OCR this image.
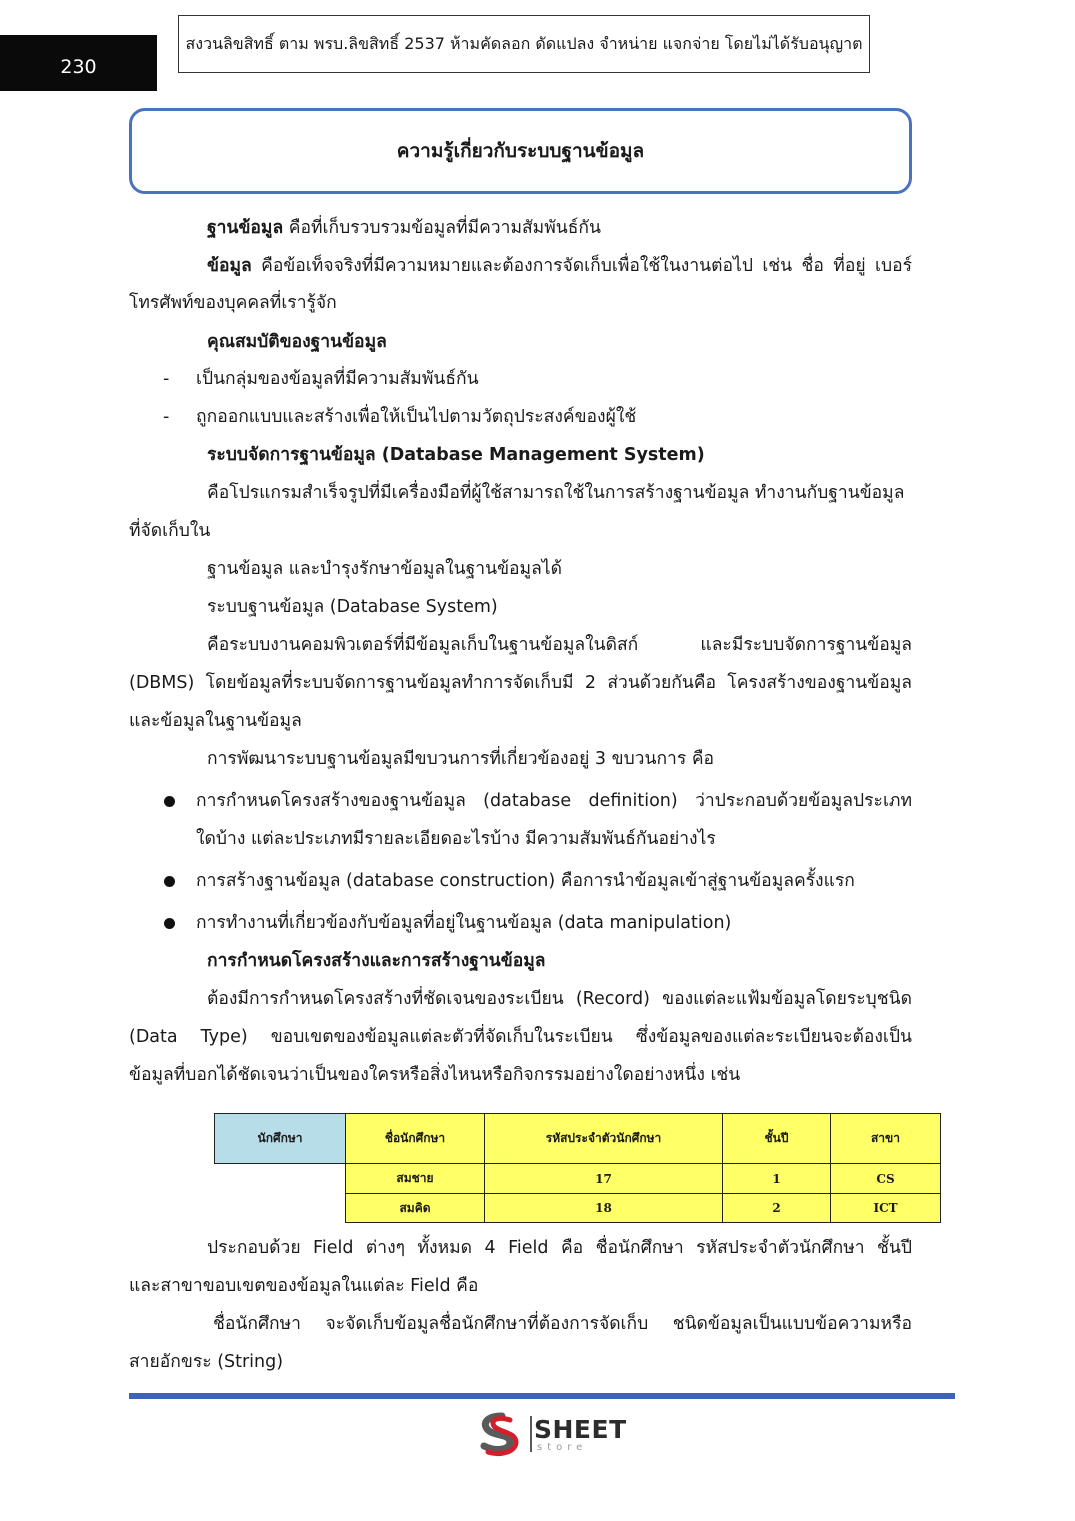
230
สงวนลิขสิทธิ์ ตาม พรบ.ลิขสิทธิ์ 2537 ห้ามคัดลอก ดัดแปลง จำหน่าย แจกจ่าย โดยไม่ได้รับอนุญาต
ความรู้เกี่ยวกับระบบฐานข้อมูล
ฐานข้อมูล คือที่เก็บรวบรวมข้อมูลที่มีความสัมพันธ์กัน
ข้อมูล คือข้อเท็จจริงที่มีความหมายและต้องการจัดเก็บเพื่อใช้ในงานต่อไป เช่น ชื่อ ที่อยู่ เบอร์
โทรศัพท์ของบุคคลที่เรารู้จัก
คุณสมบัติของฐานข้อมูล
- เป็นกลุ่มของข้อมูลที่มีความสัมพันธ์กัน
- ถูกออกแบบและสร้างเพื่อให้เป็นไปตามวัตถุประสงค์ของผู้ใช้
ระบบจัดการฐานข้อมูล (Database Management System)
คือโปรแกรมสำเร็จรูปที่มีเครื่องมือที่ผู้ใช้สามารถใช้ในการสร้างฐานข้อมูล ทำงานกับฐานข้อมูล
ที่จัดเก็บใน
ฐานข้อมูล และบำรุงรักษาข้อมูลในฐานข้อมูลได้
ระบบฐานข้อมูล (Database System)
คือระบบงานคอมพิวเตอร์ที่มีข้อมูลเก็บในฐานข้อมูลในดิสก์ และมีระบบจัดการฐานข้อมูล
(DBMS) โดยข้อมูลที่ระบบจัดการฐานข้อมูลทำการจัดเก็บมี 2 ส่วนด้วยกันคือ โครงสร้างของฐานข้อมูล
และข้อมูลในฐานข้อมูล
การพัฒนาระบบฐานข้อมูลมีขบวนการที่เกี่ยวข้องอยู่ 3 ขบวนการ คือ
การกำหนดโครงสร้างของฐานข้อมูล (database definition) ว่าประกอบด้วยข้อมูลประเภท
ใดบ้าง แต่ละประเภทมีรายละเอียดอะไรบ้าง มีความสัมพันธ์กันอย่างไร
การสร้างฐานข้อมูล (database construction) คือการนำข้อมูลเข้าสู่ฐานข้อมูลครั้งแรก
การทำงานที่เกี่ยวข้องกับข้อมูลที่อยู่ในฐานข้อมูล (data manipulation)
การกำหนดโครงสร้างและการสร้างฐานข้อมูล
ต้องมีการกำหนดโครงสร้างที่ชัดเจนของระเบียน (Record) ของแต่ละแฟ้มข้อมูลโดยระบุชนิด
(Data Type) ขอบเขตของข้อมูลแต่ละตัวที่จัดเก็บในระเบียน ซึ่งข้อมูลของแต่ละระเบียนจะต้องเป็น
ข้อมูลที่บอกได้ชัดเจนว่าเป็นของใครหรือสิ่งไหนหรือกิจกรรมอย่างใดอย่างหนึ่ง เช่น
นักศึกษา	ชื่อนักศึกษา	รหัสประจำตัวนักศึกษา	ชั้นปี	สาขา
	สมชาย	17	1	CS
	สมคิด	18	2	ICT
ประกอบด้วย Field ต่างๆ ทั้งหมด 4 Field คือ ชื่อนักศึกษา รหัสประจำตัวนักศึกษา ชั้นปี
และสาขาขอบเขตของข้อมูลในแต่ละ Field คือ
ชื่อนักศึกษา จะจัดเก็บข้อมูลชื่อนักศึกษาที่ต้องการจัดเก็บ ชนิดข้อมูลเป็นแบบข้อความหรือ
สายอักขระ (String)
SHEET
store
